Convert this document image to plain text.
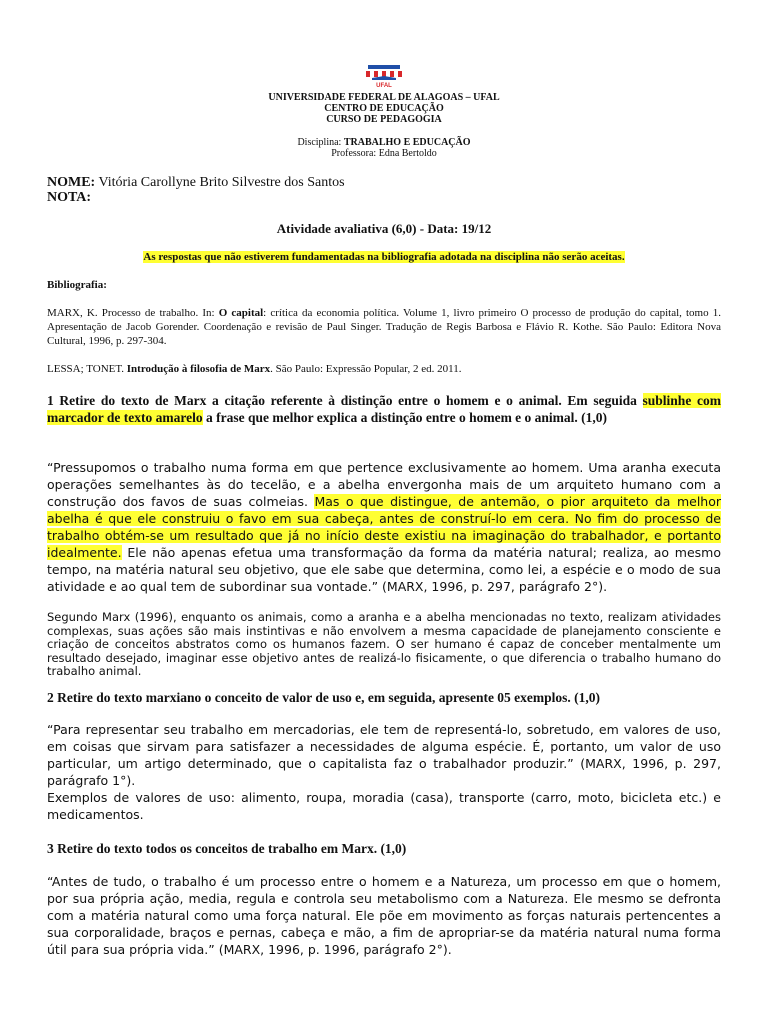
UFAL
UNIVERSIDADE FEDERAL DE ALAGOAS – UFAL
CENTRO DE EDUCAÇÃO
CURSO DE PEDAGOGIA
Disciplina: TRABALHO E EDUCAÇÃO
Professora: Edna Bertoldo
NOME: Vitória Carollyne Brito Silvestre dos Santos
NOTA:
Atividade avaliativa (6,0) - Data: 19/12
As respostas que não estiverem fundamentadas na bibliografia adotada na disciplina não serão aceitas.
Bibliografia:
MARX, K. Processo de trabalho. In: O capital: crítica da economia política. Volume 1, livro primeiro O processo de produção do capital, tomo 1. Apresentação de Jacob Gorender. Coordenação e revisão de Paul Singer. Tradução de Regis Barbosa e Flávio R. Kothe. São Paulo: Editora Nova Cultural, 1996, p. 297-304.
LESSA; TONET. Introdução à filosofia de Marx. São Paulo: Expressão Popular, 2 ed. 2011.
1 Retire do texto de Marx a citação referente à distinção entre o homem e o animal. Em seguida sublinhe com marcador de texto amarelo a frase que melhor explica a distinção entre o homem e o animal. (1,0)
“Pressupomos o trabalho numa forma em que pertence exclusivamente ao homem. Uma aranha executa operações semelhantes às do tecelão, e a abelha envergonha mais de um arquiteto humano com a construção dos favos de suas colmeias. Mas o que distingue, de antemão, o pior arquiteto da melhor abelha é que ele construiu o favo em sua cabeça, antes de construí-lo em cera. No fim do processo de trabalho obtém-se um resultado que já no início deste existiu na imaginação do trabalhador, e portanto idealmente. Ele não apenas efetua uma transformação da forma da matéria natural; realiza, ao mesmo tempo, na matéria natural seu objetivo, que ele sabe que determina, como lei, a espécie e o modo de sua atividade e ao qual tem de subordinar sua vontade.” (MARX, 1996, p. 297, parágrafo 2°).
Segundo Marx (1996), enquanto os animais, como a aranha e a abelha mencionadas no texto, realizam atividades complexas, suas ações são mais instintivas e não envolvem a mesma capacidade de planejamento consciente e criação de conceitos abstratos como os humanos fazem. O ser humano é capaz de conceber mentalmente um resultado desejado, imaginar esse objetivo antes de realizá-lo fisicamente, o que diferencia o trabalho humano do trabalho animal.
2 Retire do texto marxiano o conceito de valor de uso e, em seguida, apresente 05 exemplos. (1,0)
“Para representar seu trabalho em mercadorias, ele tem de representá-lo, sobretudo, em valores de uso, em coisas que sirvam para satisfazer a necessidades de alguma espécie. É, portanto, um valor de uso particular, um artigo determinado, que o capitalista faz o trabalhador produzir.” (MARX, 1996, p. 297, parágrafo 1°).
Exemplos de valores de uso: alimento, roupa, moradia (casa), transporte (carro, moto, bicicleta etc.) e medicamentos.
3 Retire do texto todos os conceitos de trabalho em Marx. (1,0)
“Antes de tudo, o trabalho é um processo entre o homem e a Natureza, um processo em que o homem, por sua própria ação, media, regula e controla seu metabolismo com a Natureza. Ele mesmo se defronta com a matéria natural como uma força natural. Ele põe em movimento as forças naturais pertencentes a sua corporalidade, braços e pernas, cabeça e mão, a fim de apropriar-se da matéria natural numa forma útil para sua própria vida.” (MARX, 1996, p. 1996, parágrafo 2°).
